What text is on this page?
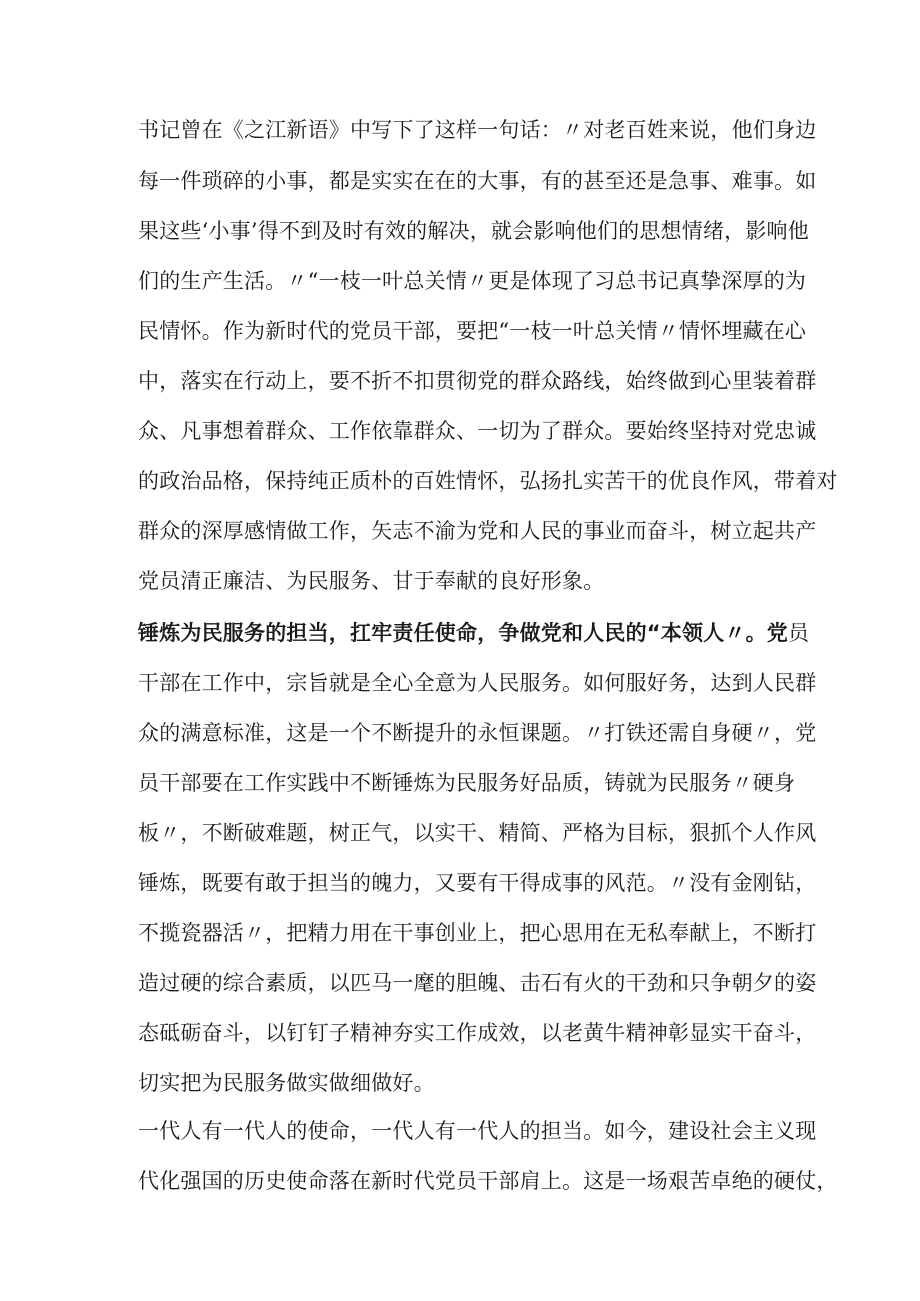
书记曾在《之江新语》中写下了这样一句话：〃对老百姓来说，他们身边
每一件琐碎的小事，都是实实在在的大事，有的甚至还是急事、难事。如
果这些‘小事’得不到及时有效的解决，就会影响他们的思想情绪，影响他
们的生产生活。〃“一枝一叶总关情〃更是体现了习总书记真挚深厚的为
民情怀。作为新时代的党员干部，要把“一枝一叶总关情〃情怀埋藏在心
中，落实在行动上，要不折不扣贯彻党的群众路线，始终做到心里装着群
众、凡事想着群众、工作依靠群众、一切为了群众。要始终坚持对党忠诚
的政治品格，保持纯正质朴的百姓情怀，弘扬扎实苦干的优良作风，带着对
群众的深厚感情做工作，矢志不渝为党和人民的事业而奋斗，树立起共产
党员清正廉洁、为民服务、甘于奉献的良好形象。
锤炼为民服务的担当，扛牢责任使命，争做党和人民的“本领人〃。党员
干部在工作中，宗旨就是全心全意为人民服务。如何服好务，达到人民群
众的满意标准，这是一个不断提升的永恒课题。〃打铁还需自身硬〃，党
员干部要在工作实践中不断锤炼为民服务好品质，铸就为民服务〃硬身
板〃，不断破难题，树正气，以实干、精简、严格为目标，狠抓个人作风
锤炼，既要有敢于担当的魄力，又要有干得成事的风范。〃没有金刚钻，
不揽瓷器活〃，把精力用在干事创业上，把心思用在无私奉献上，不断打
造过硬的综合素质，以匹马一麾的胆魄、击石有火的干劲和只争朝夕的姿
态砥砺奋斗，以钉钉子精神夯实工作成效，以老黄牛精神彰显实干奋斗，
切实把为民服务做实做细做好。
一代人有一代人的使命，一代人有一代人的担当。如今，建设社会主义现
代化强国的历史使命落在新时代党员干部肩上。这是一场艰苦卓绝的硬仗，
